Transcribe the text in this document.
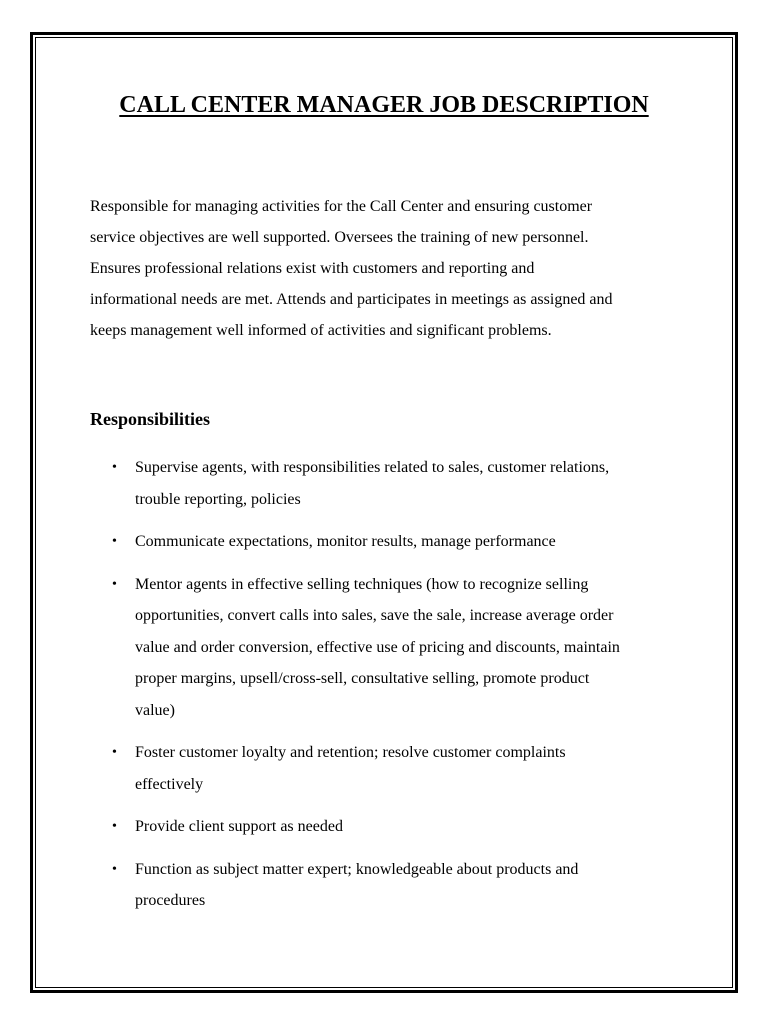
CALL CENTER MANAGER JOB DESCRIPTION

Responsible for managing activities for the Call Center and ensuring customer
service objectives are well supported. Oversees the training of new personnel.
Ensures professional relations exist with customers and reporting and
informational needs are met. Attends and participates in meetings as assigned and
keeps management well informed of activities and significant problems.

Responsibilities
• Supervise agents, with responsibilities related to sales, customer relations,
trouble reporting, policies
• Communicate expectations, monitor results, manage performance
• Mentor agents in effective selling techniques (how to recognize selling
opportunities, convert calls into sales, save the sale, increase average order
value and order conversion, effective use of pricing and discounts, maintain
proper margins, upsell/cross-sell, consultative selling, promote product
value)
• Foster customer loyalty and retention; resolve customer complaints
effectively
• Provide client support as needed
• Function as subject matter expert; knowledgeable about products and
procedures
